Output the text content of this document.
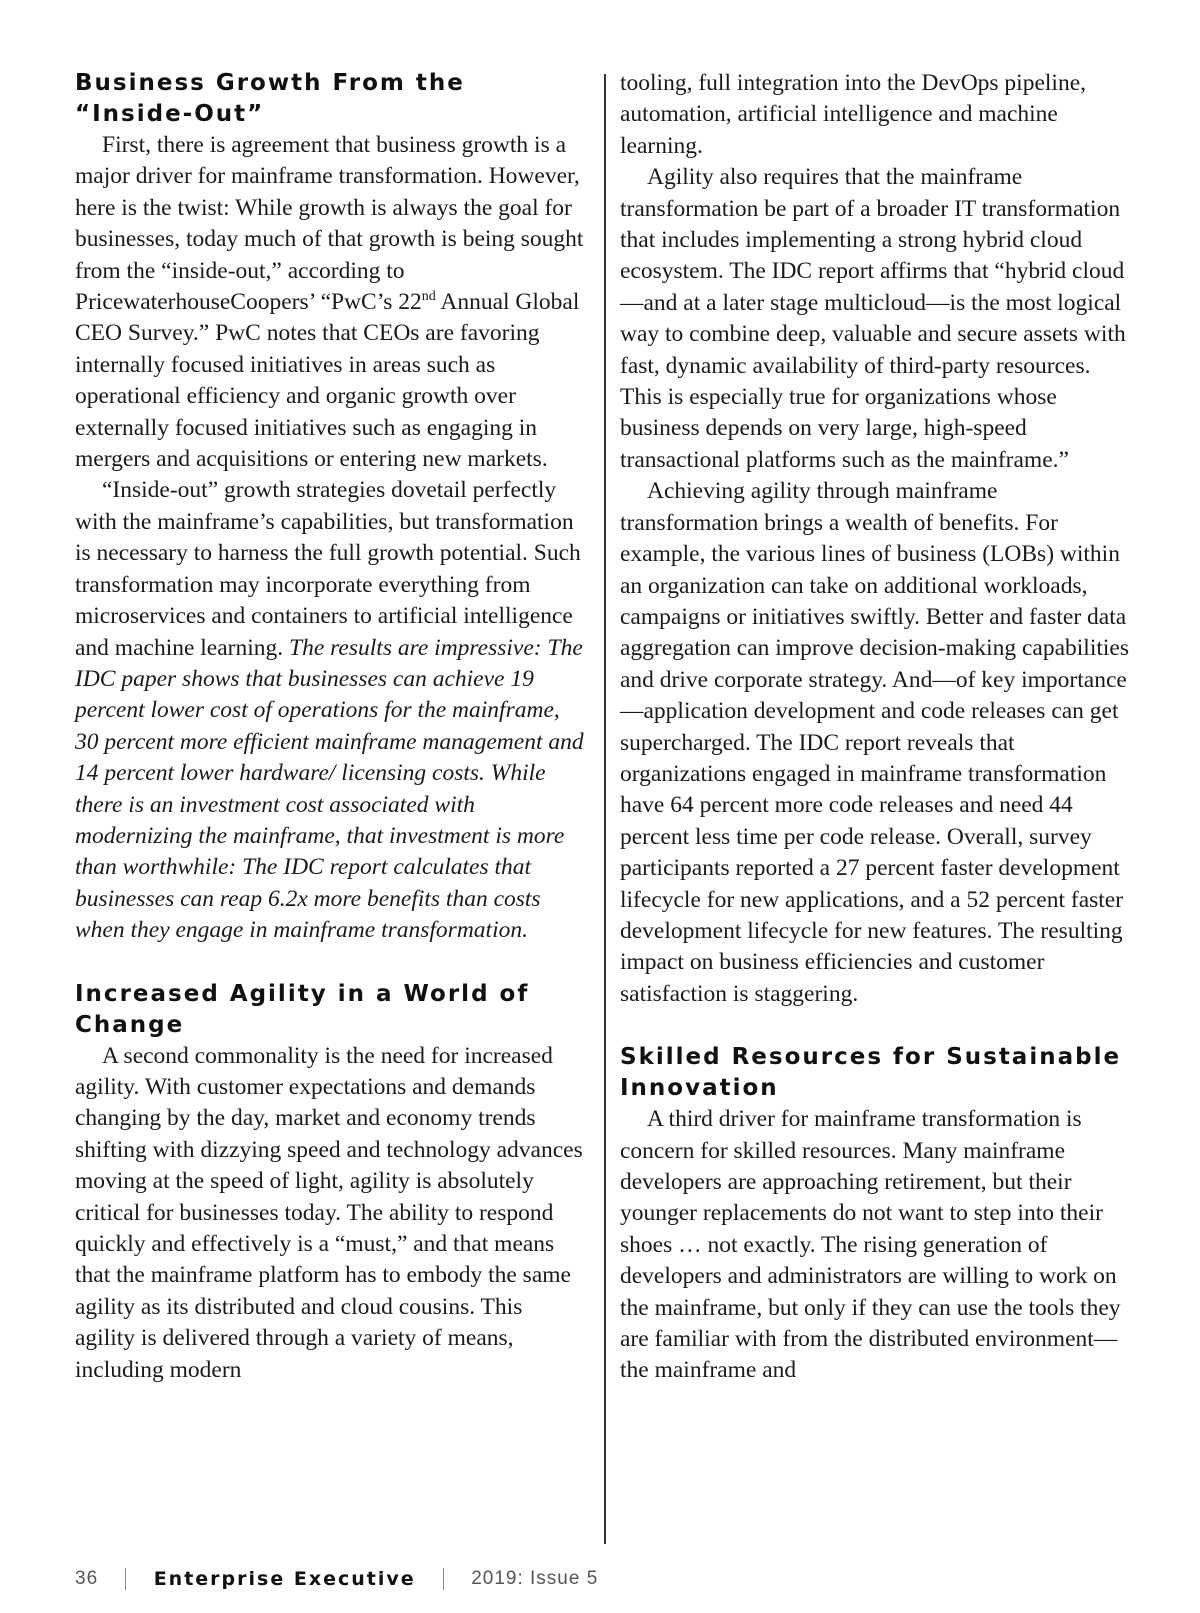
Business Growth From the “Inside-Out”

First, there is agreement that business growth is a major driver for mainframe transformation. However, here is the twist: While growth is always the goal for businesses, today much of that growth is being sought from the “inside-out,” according to PricewaterhouseCoopers’ “PwC’s 22nd Annual Global CEO Survey.” PwC notes that CEOs are favoring internally focused initiatives in areas such as operational efficiency and organic growth over externally focused initiatives such as engaging in mergers and acquisitions or entering new markets.

“Inside-out” growth strategies dovetail perfectly with the mainframe’s capabilities, but transformation is necessary to harness the full growth potential. Such transformation may incorporate everything from microservices and containers to artificial intelligence and machine learning. The results are impressive: The IDC paper shows that businesses can achieve 19 percent lower cost of operations for the mainframe, 30 percent more efficient mainframe management and 14 percent lower hardware/ licensing costs. While there is an investment cost associated with modernizing the mainframe, that investment is more than worthwhile: The IDC report calculates that businesses can reap 6.2x more benefits than costs when they engage in mainframe transformation.

Increased Agility in a World of Change

A second commonality is the need for increased agility. With customer expectations and demands changing by the day, market and economy trends shifting with dizzying speed and technology advances moving at the speed of light, agility is absolutely critical for businesses today. The ability to respond quickly and effectively is a “must,” and that means that the mainframe platform has to embody the same agility as its distributed and cloud cousins. This agility is delivered through a variety of means, including modern

tooling, full integration into the DevOps pipeline, automation, artificial intelligence and machine learning.

Agility also requires that the mainframe transformation be part of a broader IT transformation that includes implementing a strong hybrid cloud ecosystem. The IDC report affirms that “hybrid cloud—and at a later stage multicloud—is the most logical way to combine deep, valuable and secure assets with fast, dynamic availability of third-party resources. This is especially true for organizations whose business depends on very large, high-speed transactional platforms such as the mainframe.”

Achieving agility through mainframe transformation brings a wealth of benefits. For example, the various lines of business (LOBs) within an organization can take on additional workloads, campaigns or initiatives swiftly. Better and faster data aggregation can improve decision-making capabilities and drive corporate strategy. And—of key importance—application development and code releases can get supercharged. The IDC report reveals that organizations engaged in mainframe transformation have 64 percent more code releases and need 44 percent less time per code release. Overall, survey participants reported a 27 percent faster development lifecycle for new applications, and a 52 percent faster development lifecycle for new features. The resulting impact on business efficiencies and customer satisfaction is staggering.

Skilled Resources for Sustainable Innovation

A third driver for mainframe transformation is concern for skilled resources. Many mainframe developers are approaching retirement, but their younger replacements do not want to step into their shoes … not exactly. The rising generation of developers and administrators are willing to work on the mainframe, but only if they can use the tools they are familiar with from the distributed environment—the mainframe and

36	Enterprise Executive	2019: Issue 5
